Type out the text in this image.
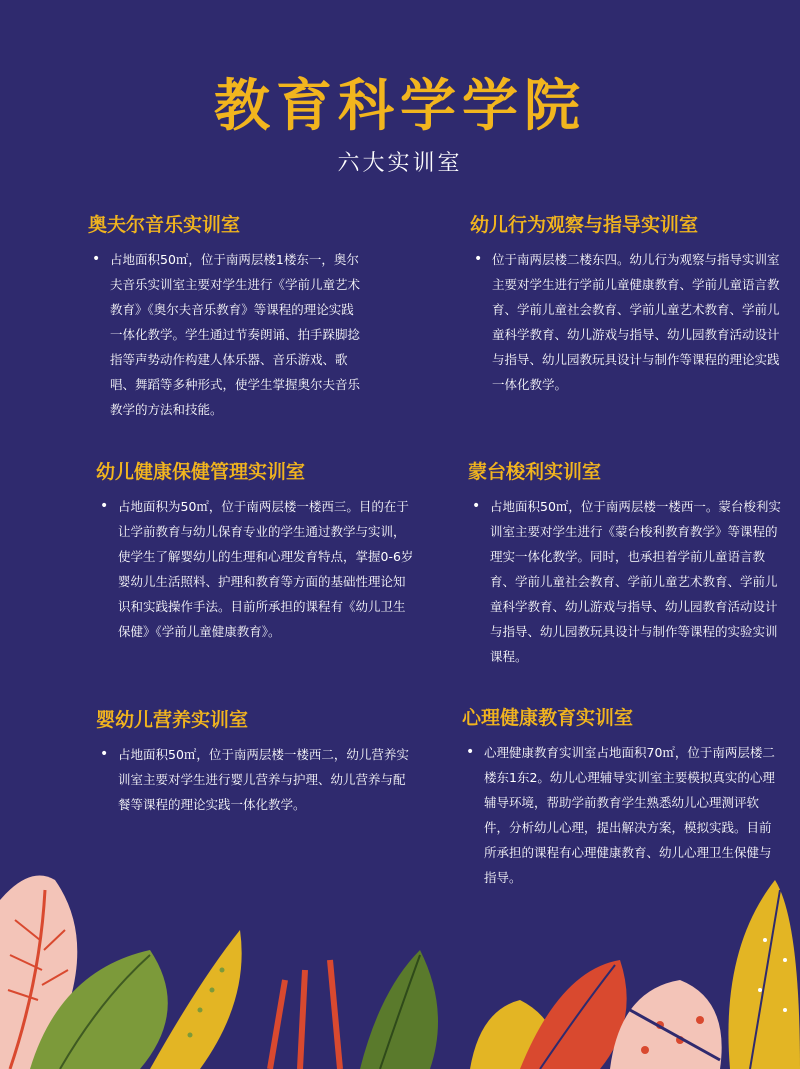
教育科学学院
六大实训室
奥夫尔音乐实训室

• 占地面积50㎡，位于南两层楼1楼东一，奥尔夫音乐实训室主要对学生进行《学前儿童艺术教育》《奥尔夫音乐教育》等课程的理论实践一体化教学。学生通过节奏朗诵、拍手跺脚捻指等声势动作构建人体乐器、音乐游戏、歌唱、舞蹈等多种形式，使学生掌握奥尔夫音乐教学的方法和技能。

幼儿行为观察与指导实训室

• 位于南两层楼二楼东四。幼儿行为观察与指导实训室主要对学生进行学前儿童健康教育、学前儿童语言教育、学前儿童社会教育、学前儿童艺术教育、学前儿童科学教育、幼儿游戏与指导、幼儿园教育活动设计与指导、幼儿园教玩具设计与制作等课程的理论实践一体化教学。

幼儿健康保健管理实训室

• 占地面积为50㎡，位于南两层楼一楼西三。目的在于让学前教育与幼儿保育专业的学生通过教学与实训，使学生了解婴幼儿的生理和心理发育特点，掌握0-6岁婴幼儿生活照料、护理和教育等方面的基础性理论知识和实践操作手法。目前所承担的课程有《幼儿卫生保健》《学前儿童健康教育》。

蒙台梭利实训室

• 占地面积50㎡，位于南两层楼一楼西一。蒙台梭利实训室主要对学生进行《蒙台梭利教育教学》等课程的理实一体化教学。同时，也承担着学前儿童语言教育、学前儿童社会教育、学前儿童艺术教育、学前儿童科学教育、幼儿游戏与指导、幼儿园教育活动设计与指导、幼儿园教玩具设计与制作等课程的实验实训课程。

婴幼儿营养实训室

• 占地面积50㎡，位于南两层楼一楼西二，幼儿营养实训室主要对学生进行婴儿营养与护理、幼儿营养与配餐等课程的理论实践一体化教学。

心理健康教育实训室

• 心理健康教育实训室占地面积70㎡，位于南两层楼二楼东1东2。幼儿心理辅导实训室主要模拟真实的心理辅导环境，帮助学前教育学生熟悉幼儿心理测评软件，分析幼儿心理，提出解决方案，模拟实践。目前所承担的课程有心理健康教育、幼儿心理卫生保健与指导。
